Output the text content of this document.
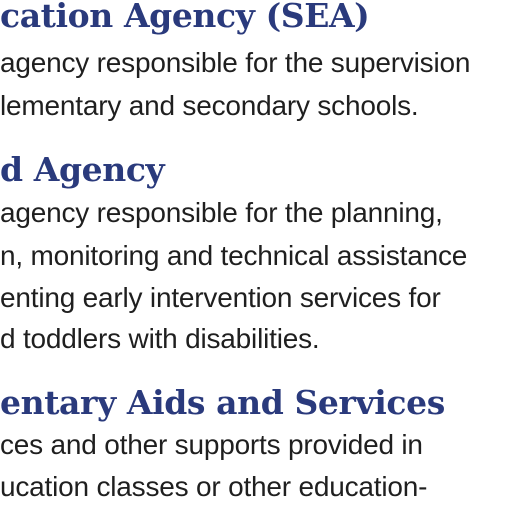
cation Agency (SEA)

agency responsible for the supervision

lementary and secondary schools.

d Agency

agency responsible for the planning,

n, monitoring and technical assistance

enting early intervention services for

d toddlers with disabilities.

entary Aids and Services

ces and other supports provided in

ucation classes or other education-
